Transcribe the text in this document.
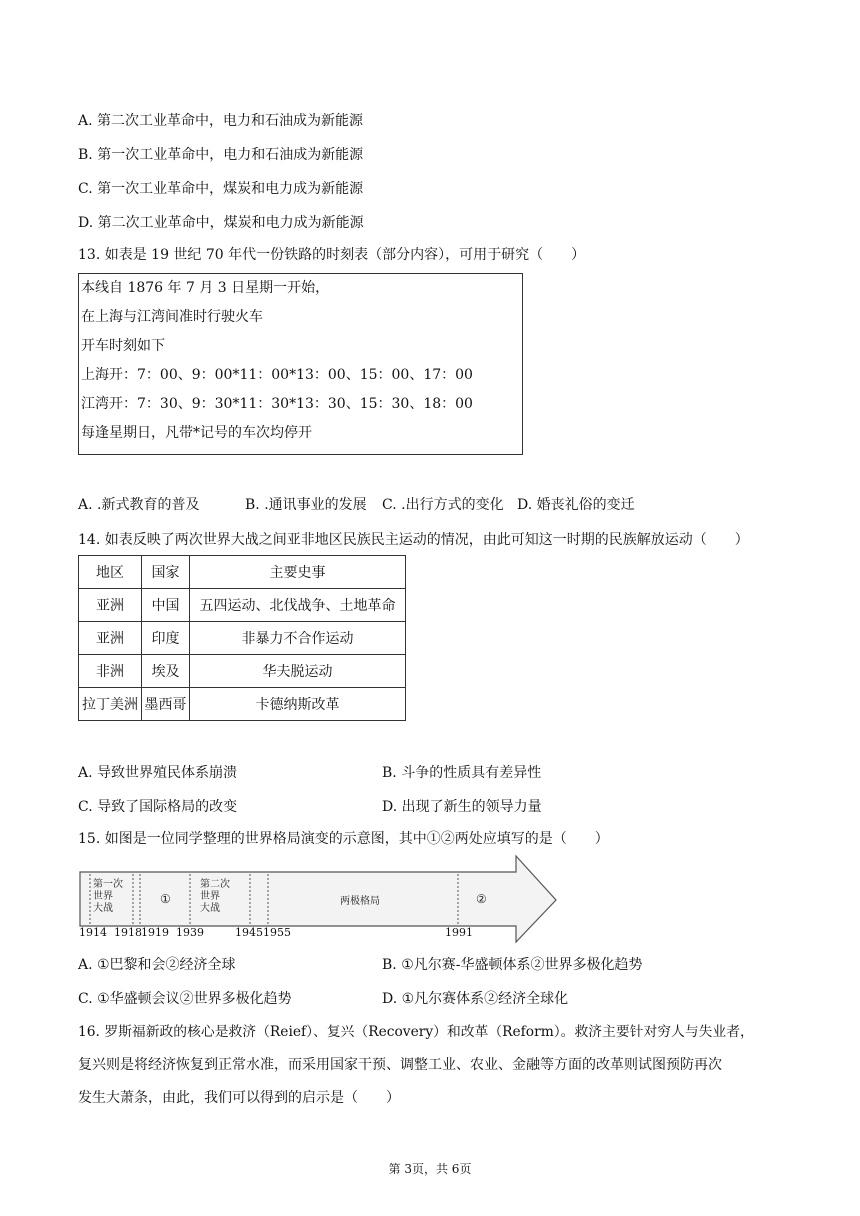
A. 第二次工业革命中，电力和石油成为新能源
B. 第一次工业革命中，电力和石油成为新能源
C. 第一次工业革命中，煤炭和电力成为新能源
D. 第二次工业革命中，煤炭和电力成为新能源
13. 如表是 19 世纪 70 年代一份铁路的时刻表（部分内容），可用于研究（　　）
本线自 1876 年 7 月 3 日星期一开始，
在上海与江湾间准时行驶火车
开车时刻如下
上海开：7：00、9：00*11：00*13：00、15：00、17：00
江湾开：7：30、9：30*11：30*13：30、15：30、18：00
每逢星期日，凡带*记号的车次均停开
A. .新式教育的普及	B. .通讯事业的发展 C. .出行方式的变化 D. 婚丧礼俗的变迁
14. 如表反映了两次世界大战之间亚非地区民族民主运动的情况，由此可知这一时期的民族解放运动（　　）
地区	国家	主要史事
亚洲	中国	五四运动、北伐战争、土地革命
亚洲	印度	非暴力不合作运动
非洲	埃及	华夫脱运动
拉丁美洲	墨西哥	卡德纳斯改革
A. 导致世界殖民体系崩溃	B. 斗争的性质具有差异性
C. 导致了国际格局的改变	D. 出现了新生的领导力量
15. 如图是一位同学整理的世界格局演变的示意图，其中①②两处应填写的是（　　）
第一次
世界
大战
①
第二次
世界
大战
两极格局	②
1914 1918 1919 1939	1945 1955	1991
A. ①巴黎和会②经济全球	B. ①凡尔赛-华盛顿体系②世界多极化趋势
C. ①华盛顿会议②世界多极化趋势	D. ①凡尔赛体系②经济全球化
16. 罗斯福新政的核心是救济（Reief）、复兴（Recovery）和改革（Reform）。救济主要针对穷人与失业者，
复兴则是将经济恢复到正常水准，而采用国家干预、调整工业、农业、金融等方面的改革则试图预防再次
发生大萧条，由此，我们可以得到的启示是（　　）
第 3页，共 6页
